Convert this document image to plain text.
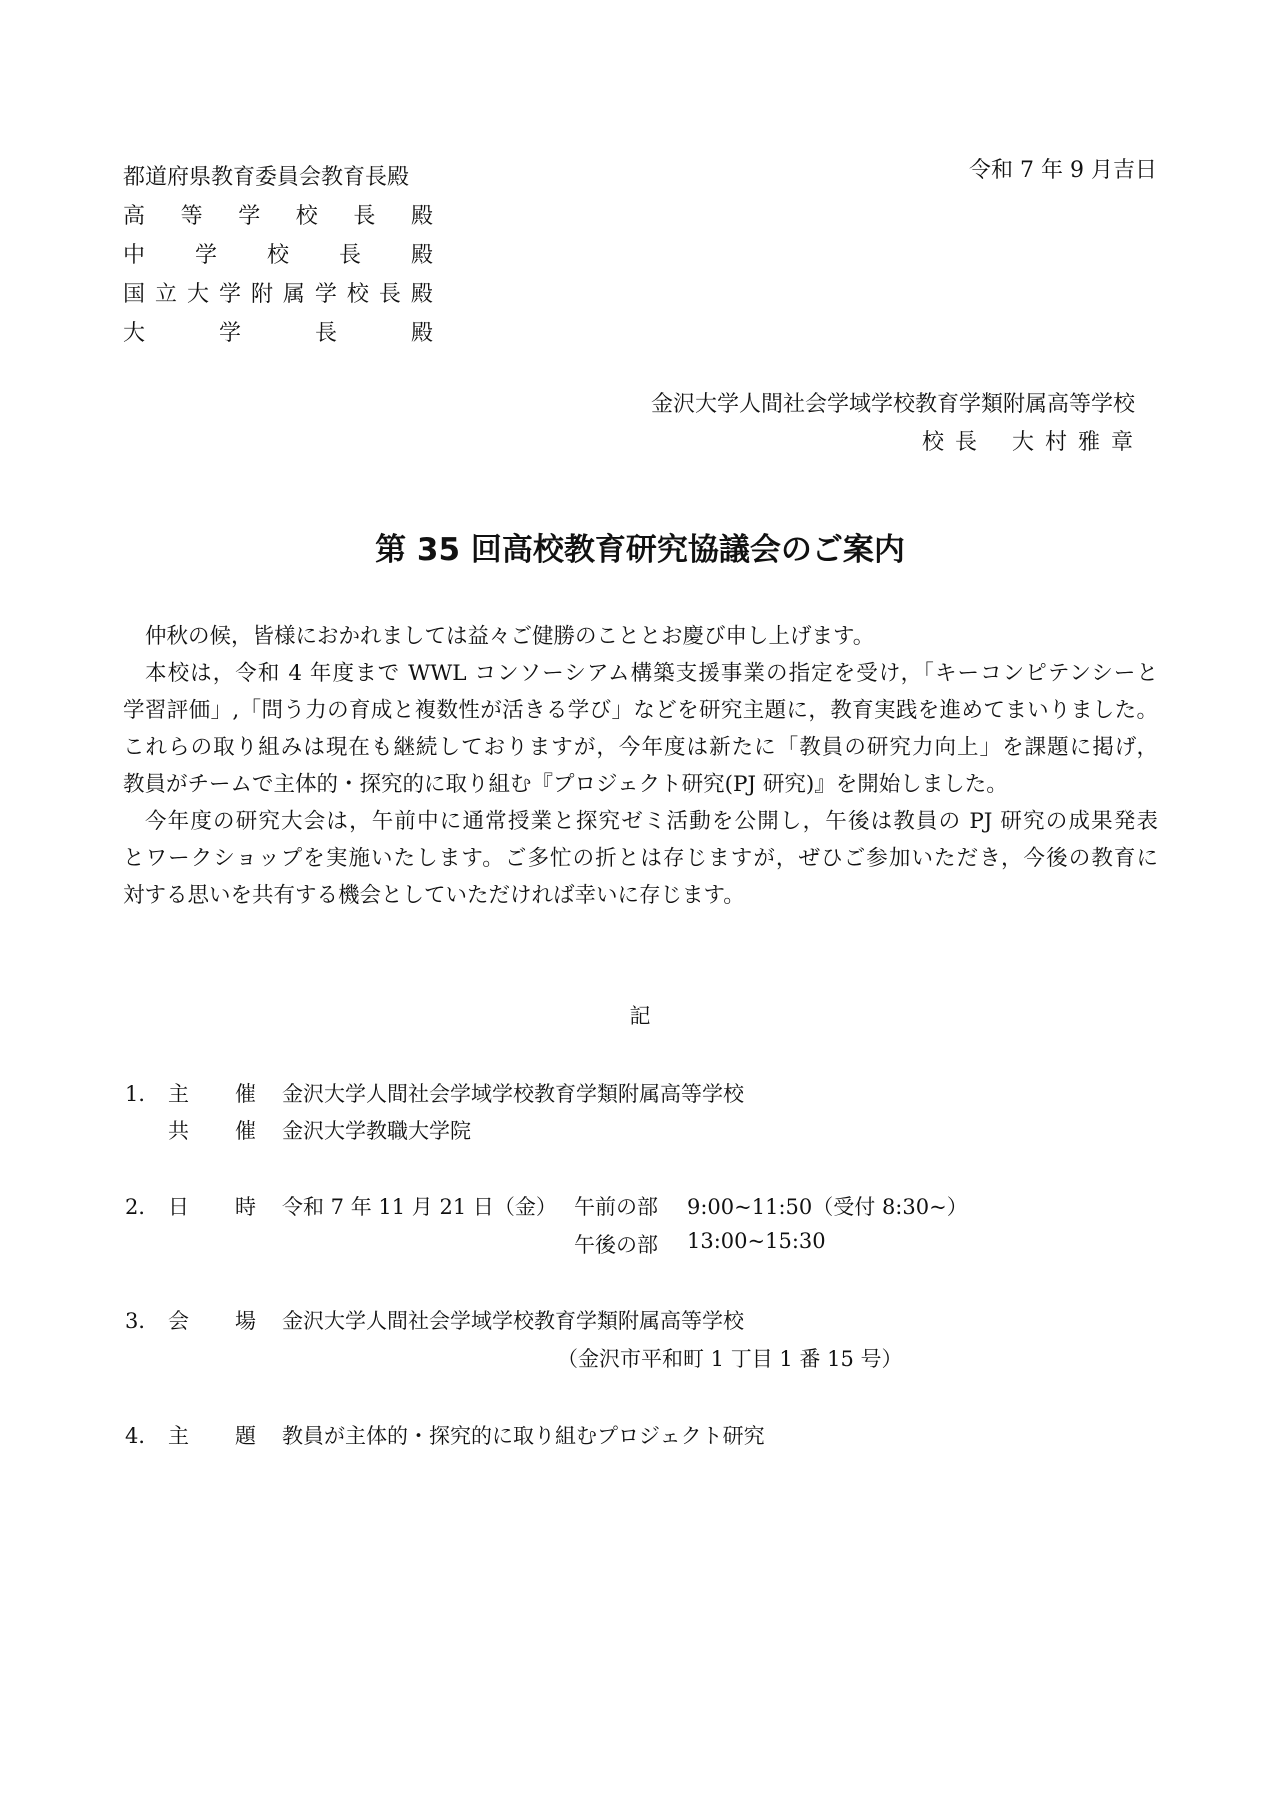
令和 7 年 9 月吉日
都道府県教育委員会教育長殿
高 等 学 校 長 殿
中 学 校 長 殿
国 立 大 学 附 属 学 校 長 殿
大	学	長	殿
金沢大学人間社会学域学校教育学類附属高等学校
校 長　 大 村 雅 章
第 35 回高校教育研究協議会のご案内

仲秋の候，皆様におかれましては益々ご健勝のこととお慶び申し上げます。

本校は，令和 4 年度まで WWL コンソーシアム構築支援事業の指定を受け，「キーコンピテンシーと

学習評価」,「問う力の育成と複数性が活きる学び」などを研究主題に，教育実践を進めてまいりました。

これらの取り組みは現在も継続しておりますが，今年度は新たに「教員の研究力向上」を課題に掲げ，

教員がチームで主体的・探究的に取り組む『プロジェクト研究(PJ 研究)』を開始しました。

今年度の研究大会は，午前中に通常授業と探究ゼミ活動を公開し，午後は教員の PJ 研究の成果発表

とワークショップを実施いたします。ご多忙の折とは存じますが，ぜひご参加いただき，今後の教育に

対する思いを共有する機会としていただければ幸いに存じます。

記
1． 主 催 金沢大学人間社会学域学校教育学類附属高等学校
共 催 金沢大学教職大学院
2． 日 時 令和 7 年 11 月 21 日（金） 午前の部 9:00~11:50（受付 8:30~）
午後の部 13:00~15:30
3． 会 場 金沢大学人間社会学域学校教育学類附属高等学校
（金沢市平和町 1 丁目 1 番 15 号）
4． 主 題 教員が主体的・探究的に取り組むプロジェクト研究
